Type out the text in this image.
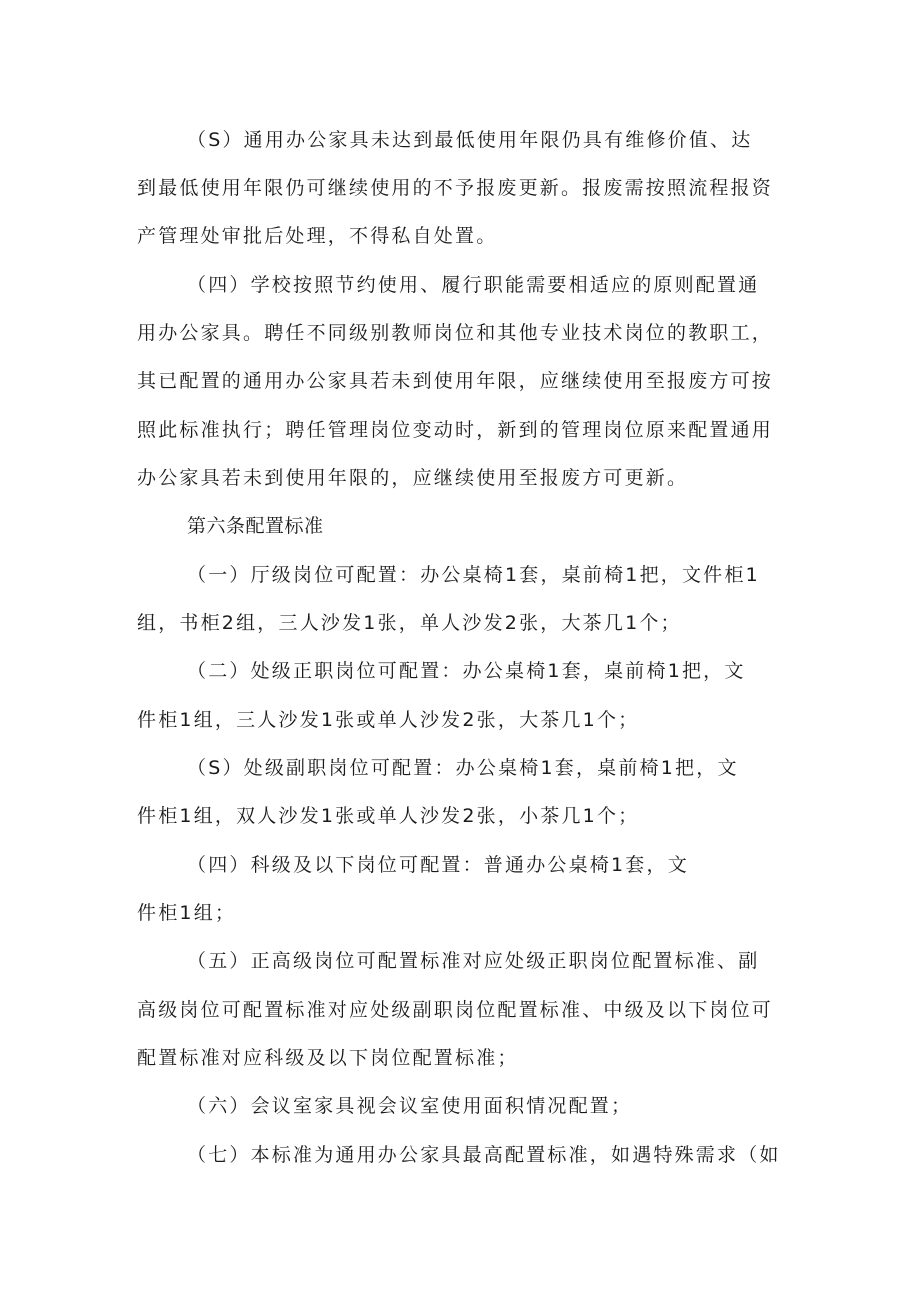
（S）通用办公家具未达到最低使用年限仍具有维修价值、达
到最低使用年限仍可继续使用的不予报废更新。报废需按照流程报资
产管理处审批后处理，不得私自处置。
（四）学校按照节约使用、履行职能需要相适应的原则配置通
用办公家具。聘任不同级别教师岗位和其他专业技术岗位的教职工，
其已配置的通用办公家具若未到使用年限，应继续使用至报废方可按
照此标准执行；聘任管理岗位变动时，新到的管理岗位原来配置通用
办公家具若未到使用年限的，应继续使用至报废方可更新。
第六条配置标准
（一）厅级岗位可配置：办公桌椅1套，桌前椅1把，文件柜1
组，书柜2组，三人沙发1张，单人沙发2张，大茶几1个；
（二）处级正职岗位可配置：办公桌椅1套，桌前椅1把，文
件柜1组，三人沙发1张或单人沙发2张，大茶几1个；
（S）处级副职岗位可配置：办公桌椅1套，桌前椅1把，文
件柜1组，双人沙发1张或单人沙发2张，小茶几1个；
（四）科级及以下岗位可配置：普通办公桌椅1套，文
件柜1组；
（五）正高级岗位可配置标准对应处级正职岗位配置标准、副
高级岗位可配置标准对应处级副职岗位配置标准、中级及以下岗位可
配置标准对应科级及以下岗位配置标准；
（六）会议室家具视会议室使用面积情况配置；
（七）本标准为通用办公家具最高配置标准，如遇特殊需求（如
